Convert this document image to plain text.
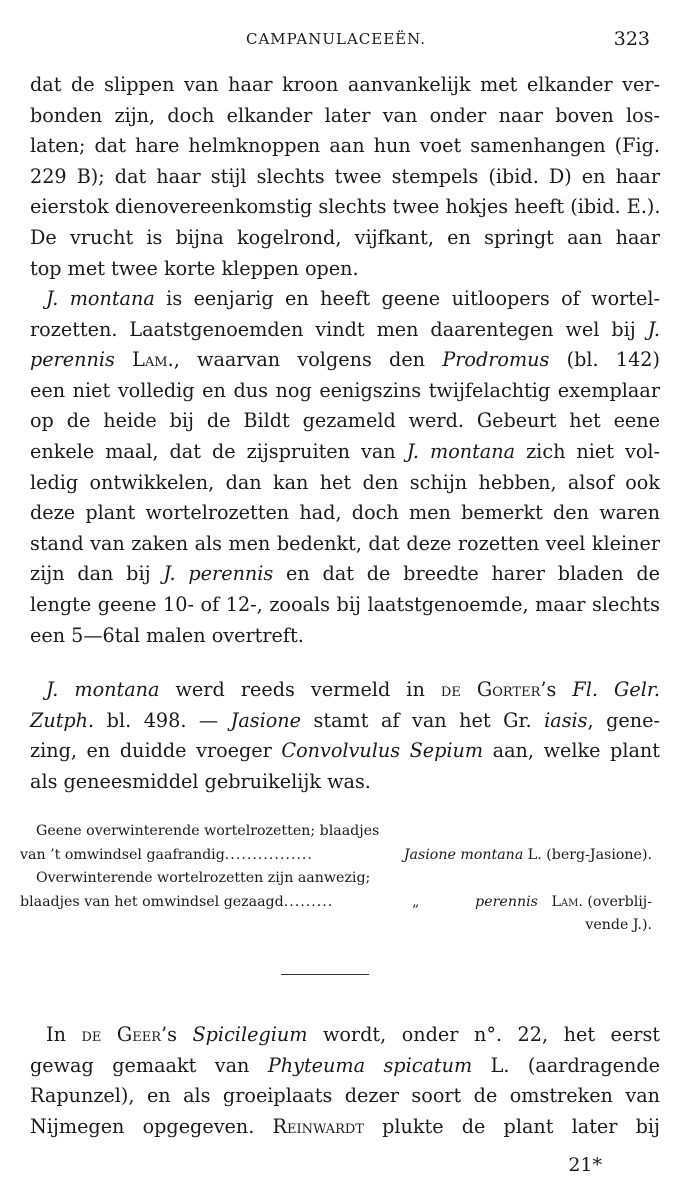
CAMPANULACEEËN.	323
dat de slippen van haar kroon aanvankelijk met elkander ver-
bonden zijn, doch elkander later van onder naar boven los-
laten; dat hare helmknoppen aan hun voet samenhangen (Fig.
229 B); dat haar stijl slechts twee stempels (ibid. D) en haar
eierstok dienovereenkomstig slechts twee hokjes heeft (ibid. E.).
De vrucht is bijna kogelrond, vijfkant, en springt aan haar
top met twee korte kleppen open.
J. montana is eenjarig en heeft geene uitloopers of wortel-
rozetten. Laatstgenoemden vindt men daarentegen wel bij J.
perennis Lam., waarvan volgens den Prodromus (bl. 142)
een niet volledig en dus nog eenigszins twijfelachtig exemplaar
op de heide bij de Bildt gezameld werd. Gebeurt het eene
enkele maal, dat de zijspruiten van J. montana zich niet vol-
ledig ontwikkelen, dan kan het den schijn hebben, alsof ook
deze plant wortelrozetten had, doch men bemerkt den waren
stand van zaken als men bedenkt, dat deze rozetten veel kleiner
zijn dan bij J. perennis en dat de breedte harer bladen de
lengte geene 10- of 12-, zooals bij laatstgenoemde, maar slechts
een 5—6tal malen overtreft.
J. montana werd reeds vermeld in de Gorter’s Fl. Gelr.
Zutph. bl. 498. — Jasione stamt af van het Gr. iasis, gene-
zing, en duidde vroeger Convolvulus Sepium aan, welke plant
als geneesmiddel gebruikelijk was.
Geene overwinterende wortelrozetten; blaadjes
van ’t omwindsel gaafrandig................	Jasione montana L. (berg-Jasione).
Overwinterende wortelrozetten zijn aanwezig;
blaadjes van het omwindsel gezaagd.........	„	perennis   Lam. (overblij-
vende J.).
In de Geer’s Spicilegium wordt, onder n°. 22, het eerst
gewag gemaakt van Phyteuma spicatum L. (aardragende
Rapunzel), en als groeiplaats dezer soort de omstreken van
Nijmegen opgegeven. Reinwardt plukte de plant later bij
21*
